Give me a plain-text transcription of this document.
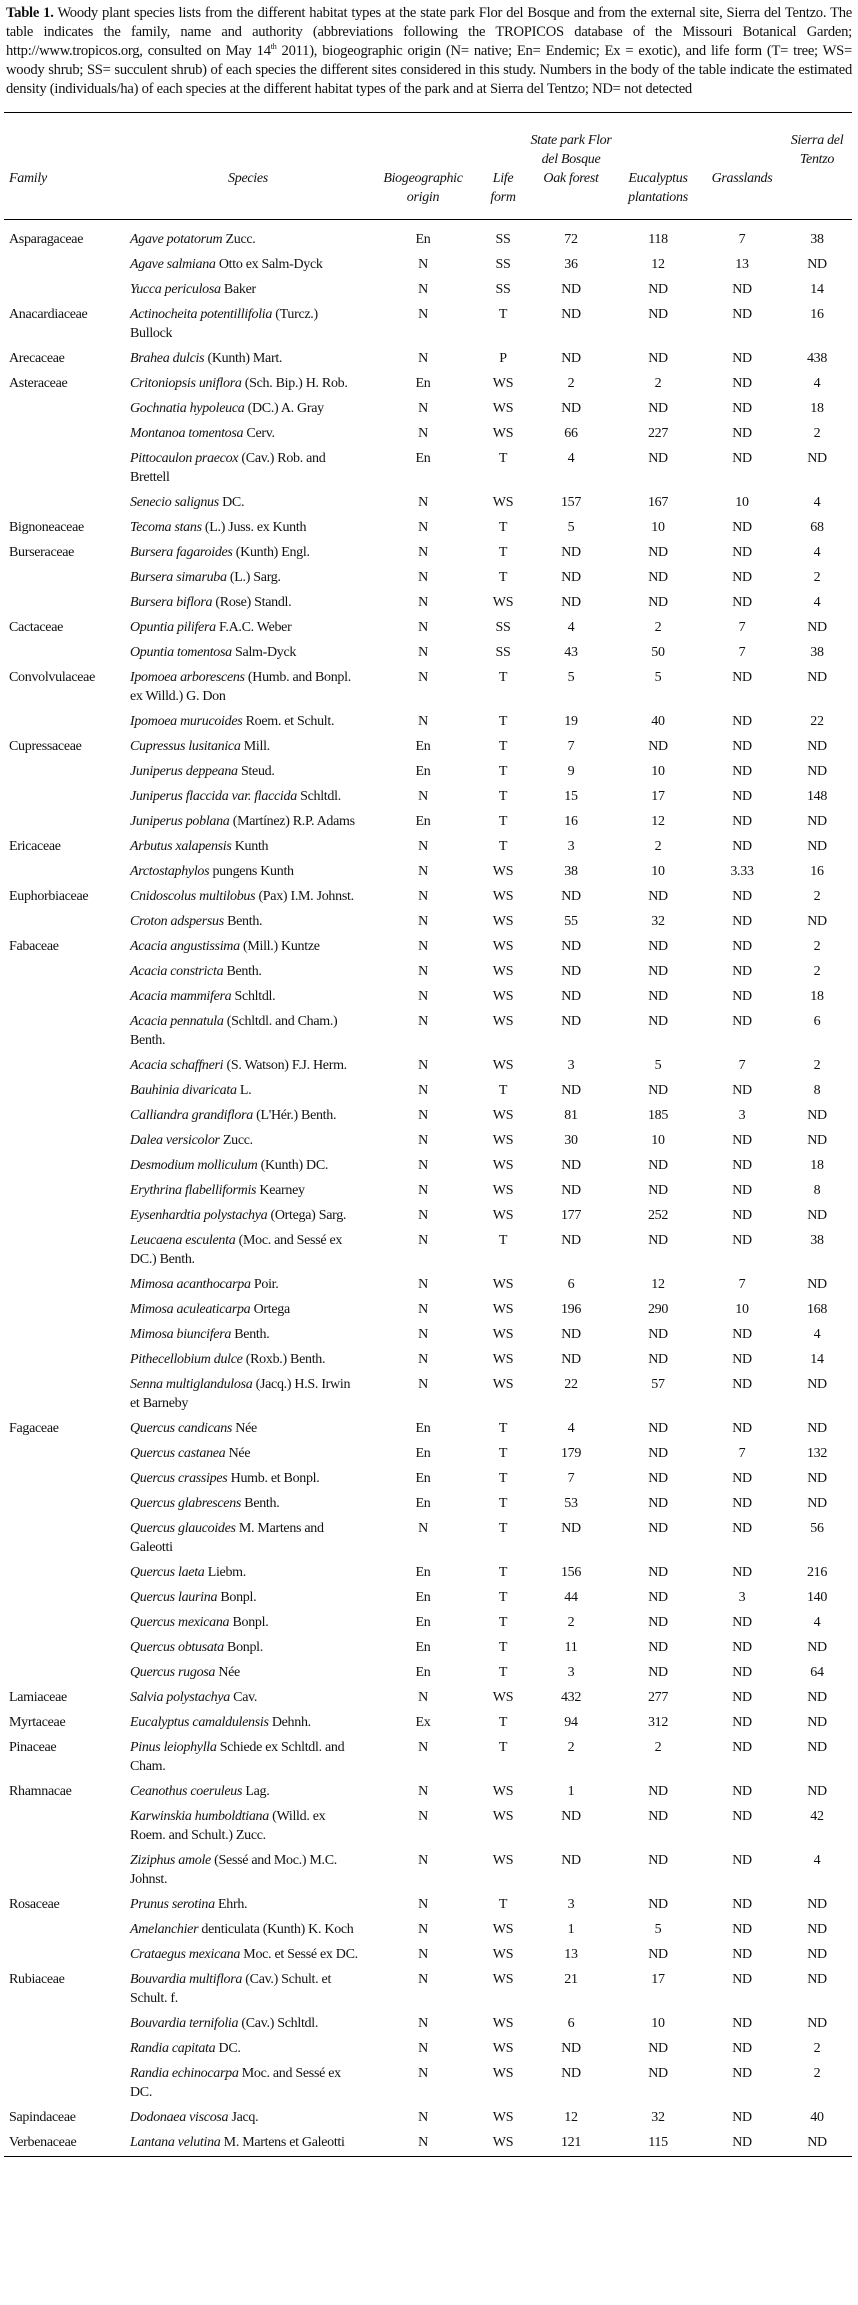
Table 1. Woody plant species lists from the different habitat types at the state park Flor del Bosque and from the external site, Sierra del Tentzo. The table indicates the family, name and authority (abbreviations following the TROPICOS database of the Missouri Botanical Garden; http://www.tropicos.org, consulted on May 14th 2011), biogeographic origin (N= native; En= Endemic; Ex = exotic), and life form (T= tree; WS= woody shrub; SS= succulent shrub) of each species the different sites considered in this study. Numbers in the body of the table indicate the estimated density (individuals/ha) of each species at the different habitat types of the park and at Sierra del Tentzo; ND= not detected
				State park Flor del Bosque			Sierra del Tentzo
Family	Species	Biogeographic origin	Life form	Oak forest	Eucalyptus plantations	Grasslands	
Asparagaceae	Agave potatorum Zucc.	En	SS	72	118	7	38
	Agave salmiana Otto ex Salm-Dyck	N	SS	36	12	13	ND
	Yucca periculosa Baker	N	SS	ND	ND	ND	14
Anacardiaceae	Actinocheita potentillifolia (Turcz.) Bullock	N	T	ND	ND	ND	16
Arecaceae	Brahea dulcis (Kunth) Mart.	N	P	ND	ND	ND	438
Asteraceae	Critoniopsis uniflora (Sch. Bip.) H. Rob.	En	WS	2	2	ND	4
	Gochnatia hypoleuca (DC.) A. Gray	N	WS	ND	ND	ND	18
	Montanoa tomentosa Cerv.	N	WS	66	227	ND	2
	Pittocaulon praecox (Cav.) Rob. and Brettell	En	T	4	ND	ND	ND
	Senecio salignus DC.	N	WS	157	167	10	4
Bignoneaceae	Tecoma stans (L.) Juss. ex Kunth	N	T	5	10	ND	68
Burseraceae	Bursera fagaroides (Kunth) Engl.	N	T	ND	ND	ND	4
	Bursera simaruba (L.) Sarg.	N	T	ND	ND	ND	2
	Bursera biflora (Rose) Standl.	N	WS	ND	ND	ND	4
Cactaceae	Opuntia pilifera F.A.C. Weber	N	SS	4	2	7	ND
	Opuntia tomentosa Salm-Dyck	N	SS	43	50	7	38
Convolvulaceae	Ipomoea arborescens (Humb. and Bonpl. ex Willd.) G. Don	N	T	5	5	ND	ND
	Ipomoea murucoides Roem. et Schult.	N	T	19	40	ND	22
Cupressaceae	Cupressus lusitanica Mill.	En	T	7	ND	ND	ND
	Juniperus deppeana Steud.	En	T	9	10	ND	ND
	Juniperus flaccida var. flaccida Schltdl.	N	T	15	17	ND	148
	Juniperus poblana (Martínez) R.P. Adams	En	T	16	12	ND	ND
Ericaceae	Arbutus xalapensis Kunth	N	T	3	2	ND	ND
	Arctostaphylos pungens Kunth	N	WS	38	10	3.33	16
Euphorbiaceae	Cnidoscolus multilobus (Pax) I.M. Johnst.	N	WS	ND	ND	ND	2
	Croton adspersus Benth.	N	WS	55	32	ND	ND
Fabaceae	Acacia angustissima (Mill.) Kuntze	N	WS	ND	ND	ND	2
	Acacia constricta Benth.	N	WS	ND	ND	ND	2
	Acacia mammifera Schltdl.	N	WS	ND	ND	ND	18
	Acacia pennatula (Schltdl. and Cham.) Benth.	N	WS	ND	ND	ND	6
	Acacia schaffneri (S. Watson) F.J. Herm.	N	WS	3	5	7	2
	Bauhinia divaricata L.	N	T	ND	ND	ND	8
	Calliandra grandiflora (L'Hér.) Benth.	N	WS	81	185	3	ND
	Dalea versicolor Zucc.	N	WS	30	10	ND	ND
	Desmodium molliculum (Kunth) DC.	N	WS	ND	ND	ND	18
	Erythrina flabelliformis Kearney	N	WS	ND	ND	ND	8
	Eysenhardtia polystachya (Ortega) Sarg.	N	WS	177	252	ND	ND
	Leucaena esculenta (Moc. and Sessé ex DC.) Benth.	N	T	ND	ND	ND	38
	Mimosa acanthocarpa Poir.	N	WS	6	12	7	ND
	Mimosa aculeaticarpa Ortega	N	WS	196	290	10	168
	Mimosa biuncifera Benth.	N	WS	ND	ND	ND	4
	Pithecellobium dulce (Roxb.) Benth.	N	WS	ND	ND	ND	14
	Senna multiglandulosa (Jacq.) H.S. Irwin et Barneby	N	WS	22	57	ND	ND
Fagaceae	Quercus candicans Née	En	T	4	ND	ND	ND
	Quercus castanea Née	En	T	179	ND	7	132
	Quercus crassipes Humb. et Bonpl.	En	T	7	ND	ND	ND
	Quercus glabrescens Benth.	En	T	53	ND	ND	ND
	Quercus glaucoides M. Martens and Galeotti	N	T	ND	ND	ND	56
	Quercus laeta Liebm.	En	T	156	ND	ND	216
	Quercus laurina Bonpl.	En	T	44	ND	3	140
	Quercus mexicana Bonpl.	En	T	2	ND	ND	4
	Quercus obtusata Bonpl.	En	T	11	ND	ND	ND
	Quercus rugosa Née	En	T	3	ND	ND	64
Lamiaceae	Salvia polystachya Cav.	N	WS	432	277	ND	ND
Myrtaceae	Eucalyptus camaldulensis Dehnh.	Ex	T	94	312	ND	ND
Pinaceae	Pinus leiophylla Schiede ex Schltdl. and Cham.	N	T	2	2	ND	ND
Rhamnacae	Ceanothus coeruleus Lag.	N	WS	1	ND	ND	ND
	Karwinskia humboldtiana (Willd. ex Roem. and Schult.) Zucc.	N	WS	ND	ND	ND	42
	Ziziphus amole (Sessé and Moc.) M.C. Johnst.	N	WS	ND	ND	ND	4
Rosaceae	Prunus serotina Ehrh.	N	T	3	ND	ND	ND
	Amelanchier denticulata (Kunth) K. Koch	N	WS	1	5	ND	ND
	Crataegus mexicana Moc. et Sessé ex DC.	N	WS	13	ND	ND	ND
Rubiaceae	Bouvardia multiflora (Cav.) Schult. et Schult. f.	N	WS	21	17	ND	ND
	Bouvardia ternifolia (Cav.) Schltdl.	N	WS	6	10	ND	ND
	Randia capitata DC.	N	WS	ND	ND	ND	2
	Randia echinocarpa Moc. and Sessé ex DC.	N	WS	ND	ND	ND	2
Sapindaceae	Dodonaea viscosa Jacq.	N	WS	12	32	ND	40
Verbenaceae	Lantana velutina M. Martens et Galeotti	N	WS	121	115	ND	ND
